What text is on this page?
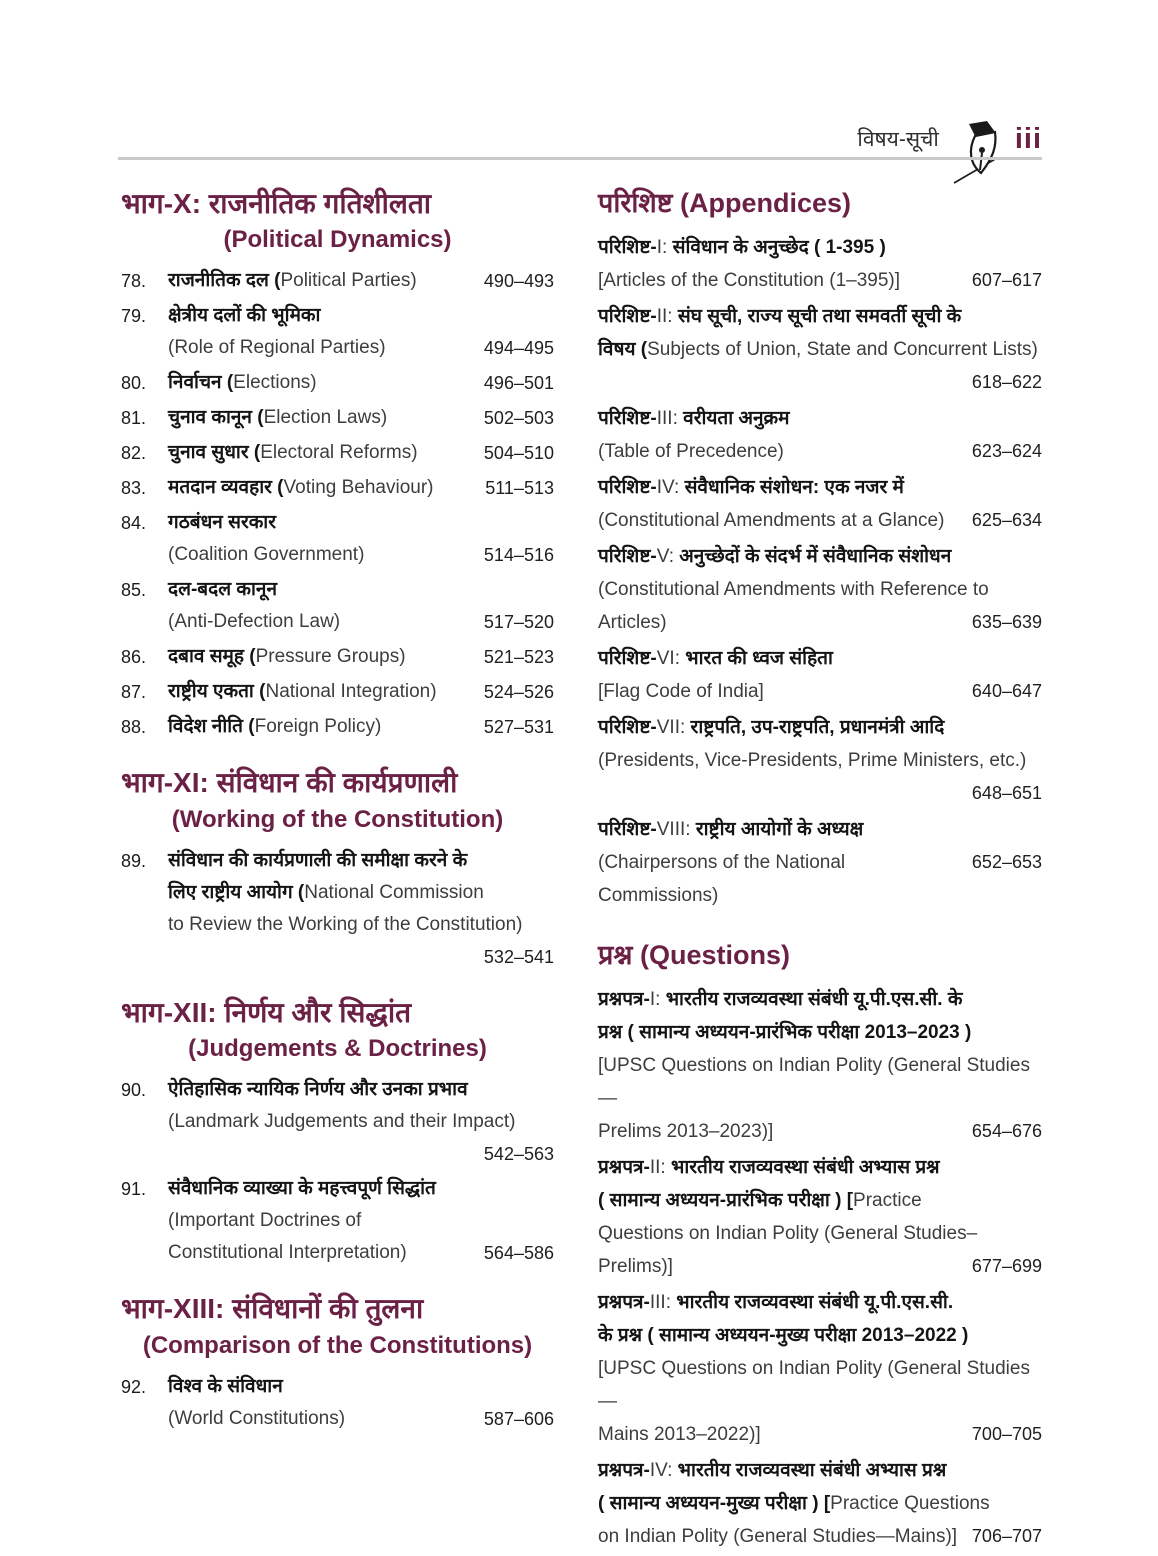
विषय-सूची	iii
भाग-X: राजनीतिक गतिशीलता
(Political Dynamics)
78.	राजनीतिक दल (Political Parties)	490–493
79.	क्षेत्रीय दलों की भूमिका
(Role of Regional Parties)	494–495
80.	निर्वाचन (Elections)	496–501
81.	चुनाव कानून (Election Laws)	502–503
82.	चुनाव सुधार (Electoral Reforms)	504–510
83.	मतदान व्यवहार (Voting Behaviour)	511–513
84.	गठबंधन सरकार
(Coalition Government)	514–516
85.	दल-बदल कानून
(Anti-Defection Law)	517–520
86.	दबाव समूह (Pressure Groups)	521–523
87.	राष्ट्रीय एकता (National Integration)	524–526
88.	विदेश नीति (Foreign Policy)	527–531
भाग-XI: संविधान की कार्यप्रणाली
(Working of the Constitution)
89.	संविधान की कार्यप्रणाली की समीक्षा करने के
लिए राष्ट्रीय आयोग (National Commission
to Review the Working of the Constitution)
532–541
भाग-XII: निर्णय और सिद्धांत
(Judgements & Doctrines)
90.	ऐतिहासिक न्यायिक निर्णय और उनका प्रभाव
(Landmark Judgements and their Impact)
542–563
91.	संवैधानिक व्याख्या के महत्त्वपूर्ण सिद्धांत
(Important Doctrines of
Constitutional Interpretation)	564–586
भाग-XIII: संविधानों की तुलना
(Comparison of the Constitutions)
92.	विश्व के संविधान
(World Constitutions)	587–606
परिशिष्ट (Appendices)
परिशिष्ट-I: संविधान के अनुच्छेद ( 1-395 )
[Articles of the Constitution (1–395)]	607–617
परिशिष्ट-II: संघ सूची, राज्य सूची तथा समवर्ती सूची के
विषय (Subjects of Union, State and Concurrent Lists)
618–622
परिशिष्ट-III: वरीयता अनुक्रम
(Table of Precedence)	623–624
परिशिष्ट-IV: संवैधानिक संशोधन: एक नजर में
(Constitutional Amendments at a Glance)	625–634
परिशिष्ट-V: अनुच्छेदों के संदर्भ में संवैधानिक संशोधन
(Constitutional Amendments with Reference to
Articles)	635–639
परिशिष्ट-VI: भारत की ध्वज संहिता
[Flag Code of India]	640–647
परिशिष्ट-VII: राष्ट्रपति, उप-राष्ट्रपति, प्रधानमंत्री आदि
(Presidents, Vice-Presidents, Prime Ministers, etc.)
648–651
परिशिष्ट-VIII: राष्ट्रीय आयोगों के अध्यक्ष
(Chairpersons of the National Commissions)
652–653
प्रश्न (Questions)
प्रश्नपत्र-I: भारतीय राजव्यवस्था संबंधी यू.पी.एस.सी. के
प्रश्न ( सामान्य अध्ययन-प्रारंभिक परीक्षा 2013–2023 )
[UPSC Questions on Indian Polity (General Studies—
Prelims 2013–2023)]	654–676
प्रश्नपत्र-II: भारतीय राजव्यवस्था संबंधी अभ्यास प्रश्न
( सामान्य अध्ययन-प्रारंभिक परीक्षा ) [Practice
Questions on Indian Polity (General Studies–
Prelims)]	677–699
प्रश्नपत्र-III: भारतीय राजव्यवस्था संबंधी यू.पी.एस.सी.
के प्रश्न ( सामान्य अध्ययन-मुख्य परीक्षा 2013–2022 )
[UPSC Questions on Indian Polity (General Studies—
Mains 2013–2022)]	700–705
प्रश्नपत्र-IV: भारतीय राजव्यवस्था संबंधी अभ्यास प्रश्न
( सामान्य अध्ययन-मुख्य परीक्षा ) [Practice Questions
on Indian Polity (General Studies—Mains)] 706–707
